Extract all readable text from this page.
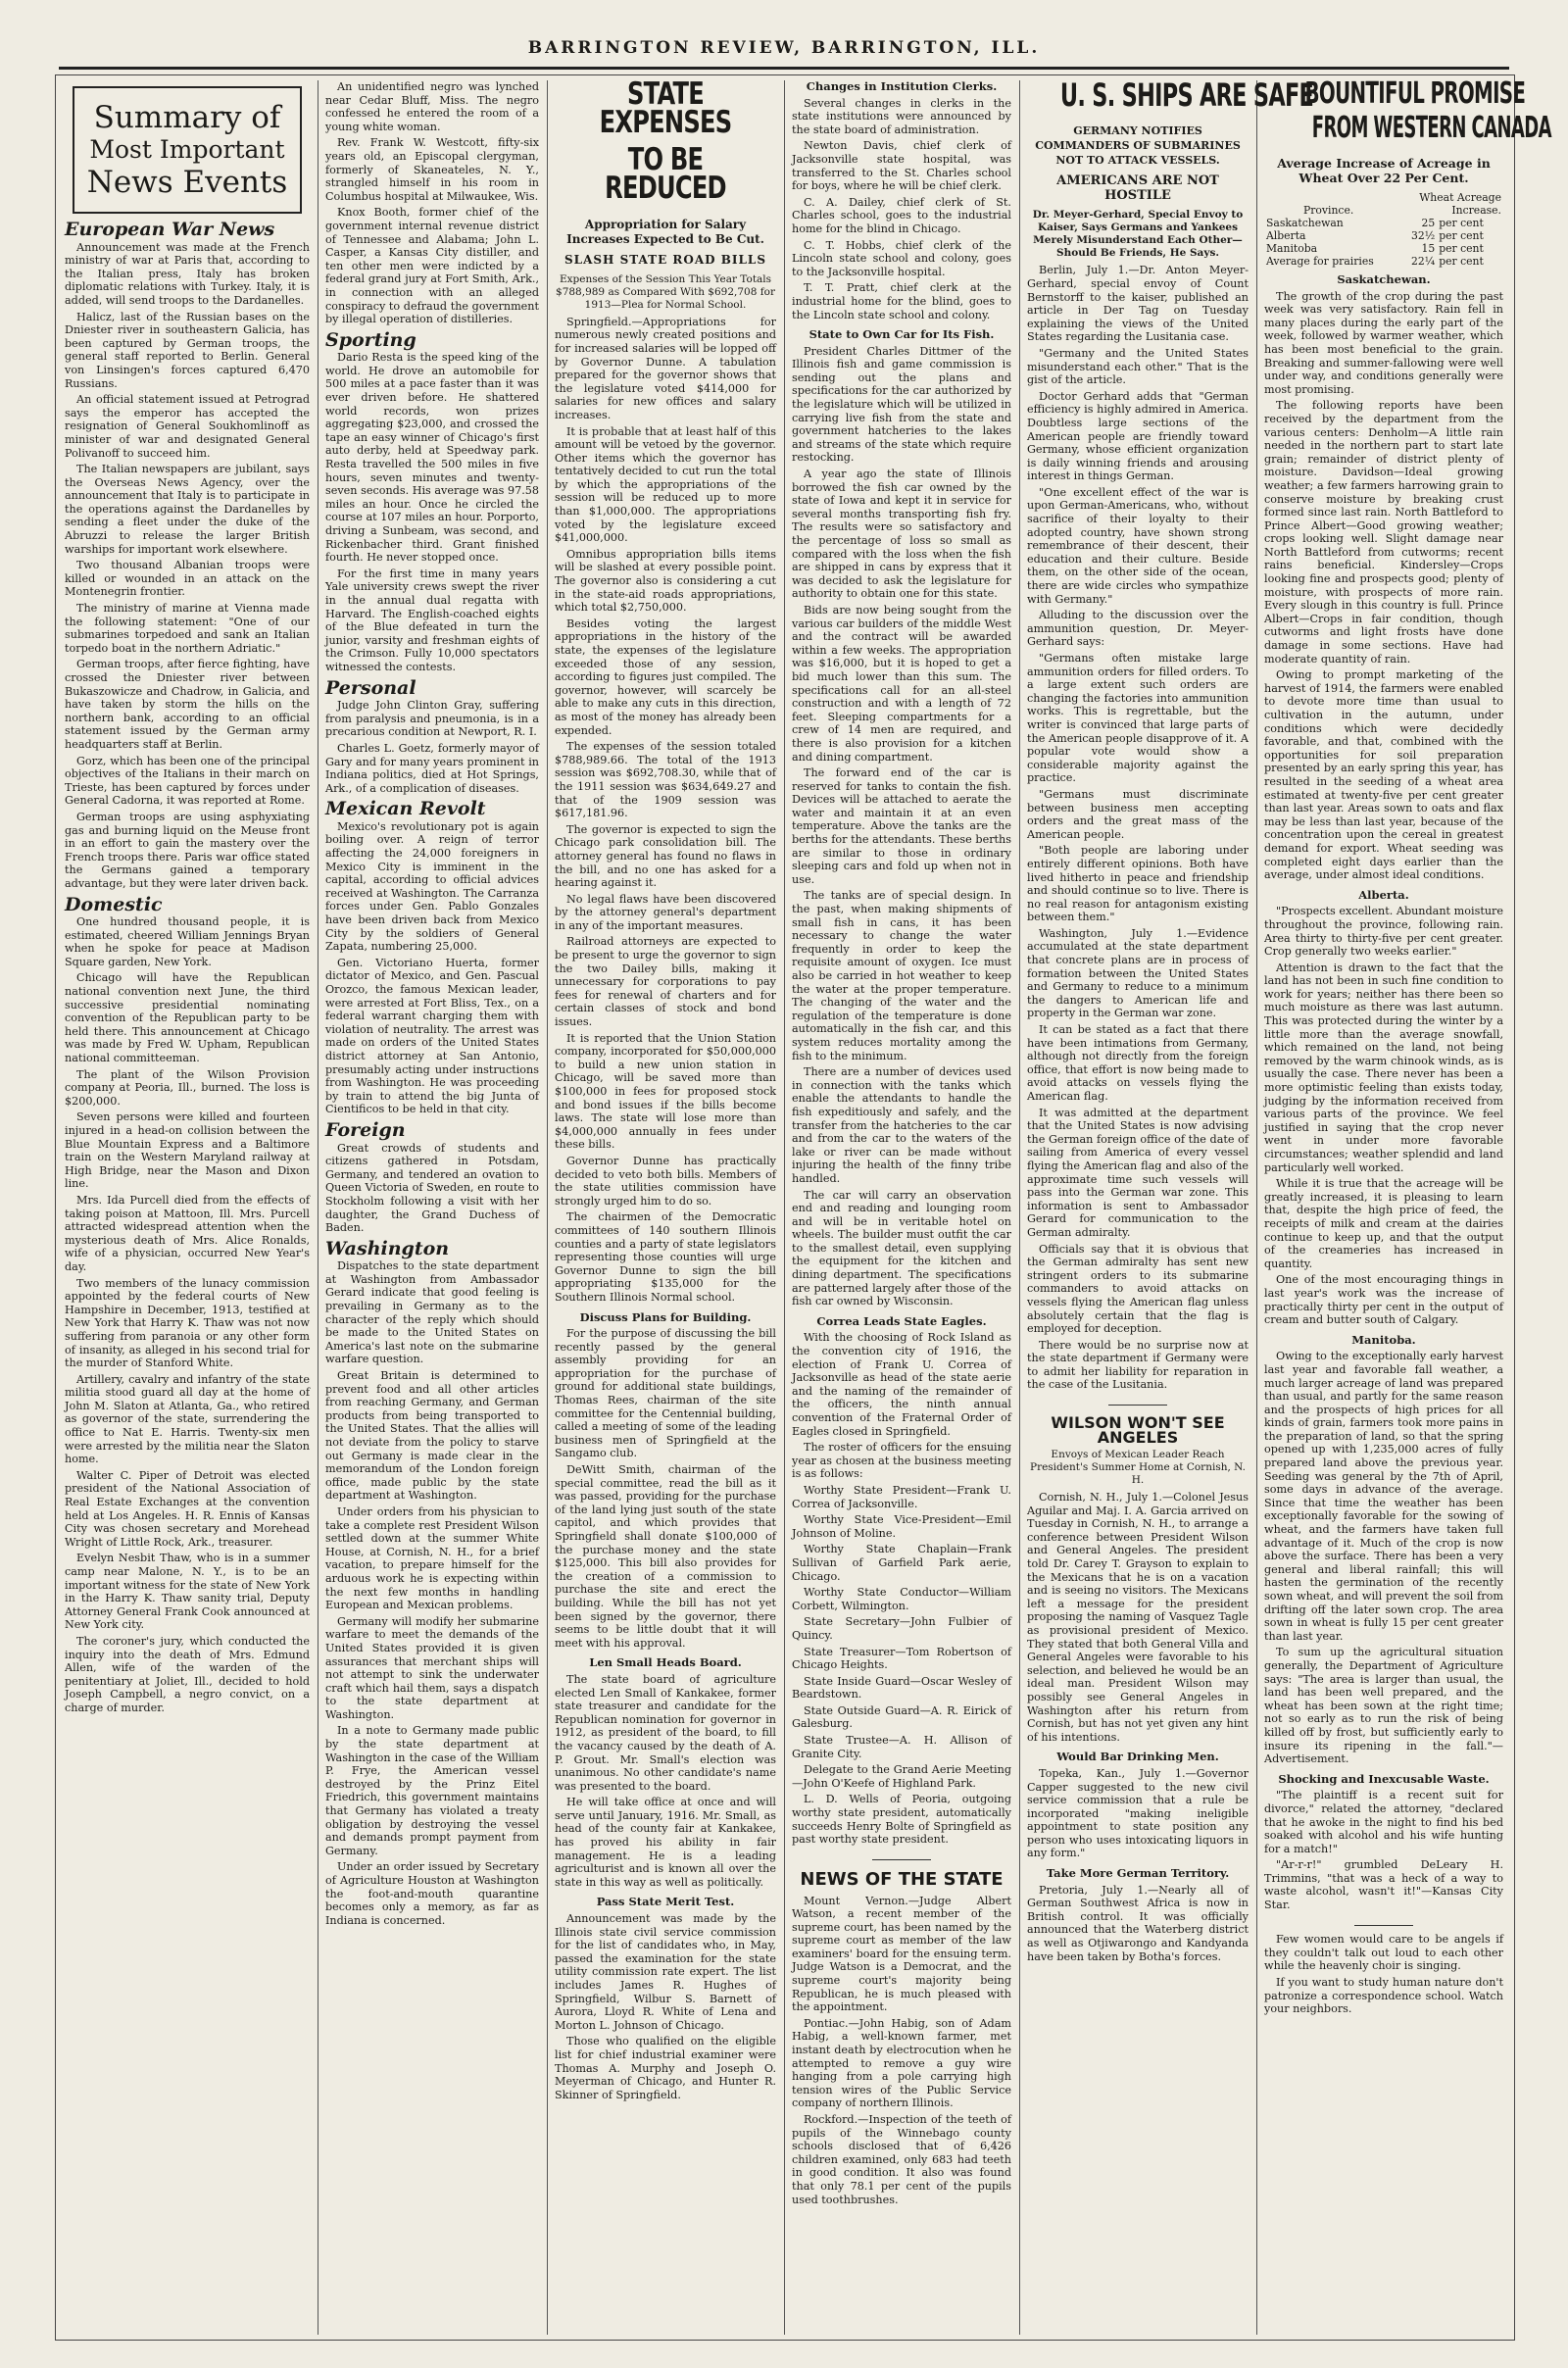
BARRINGTON REVIEW, BARRINGTON, ILL.
Summary of
Most Important
News Events
European War News

Announcement was made at the French ministry of war at Paris that, according to the Italian press, Italy has broken diplomatic relations with Turkey. Italy, it is added, will send troops to the Dardanelles.

Halicz, last of the Russian bases on the Dniester river in southeastern Galicia, has been captured by German troops, the general staff reported to Berlin. General von Linsingen's forces captured 6,470 Russians.

An official statement issued at Petrograd says the emperor has accepted the resignation of General Soukhomlinoff as minister of war and designated General Polivanoff to succeed him.

The Italian newspapers are jubilant, says the Overseas News Agency, over the announcement that Italy is to participate in the operations against the Dardanelles by sending a fleet under the duke of the Abruzzi to release the larger British warships for important work elsewhere.

Two thousand Albanian troops were killed or wounded in an attack on the Montenegrin frontier.

The ministry of marine at Vienna made the following statement: "One of our submarines torpedoed and sank an Italian torpedo boat in the northern Adriatic."

German troops, after fierce fighting, have crossed the Dniester river between Bukaszowicze and Chadrow, in Galicia, and have taken by storm the hills on the northern bank, according to an official statement issued by the German army headquarters staff at Berlin.

Gorz, which has been one of the principal objectives of the Italians in their march on Trieste, has been captured by forces under General Cadorna, it was reported at Rome.

German troops are using asphyxiating gas and burning liquid on the Meuse front in an effort to gain the mastery over the French troops there. Paris war office stated the Germans gained a temporary advantage, but they were later driven back.

Domestic

One hundred thousand people, it is estimated, cheered William Jennings Bryan when he spoke for peace at Madison Square garden, New York.

Chicago will have the Republican national convention next June, the third successive presidential nominating convention of the Republican party to be held there. This announcement at Chicago was made by Fred W. Upham, Republican national committeeman.

The plant of the Wilson Provision company at Peoria, Ill., burned. The loss is $200,000.

Seven persons were killed and fourteen injured in a head-on collision between the Blue Mountain Express and a Baltimore train on the Western Maryland railway at High Bridge, near the Mason and Dixon line.

Mrs. Ida Purcell died from the effects of taking poison at Mattoon, Ill. Mrs. Purcell attracted widespread attention when the mysterious death of Mrs. Alice Ronalds, wife of a physician, occurred New Year's day.

Two members of the lunacy commission appointed by the federal courts of New Hampshire in December, 1913, testified at New York that Harry K. Thaw was not now suffering from paranoia or any other form of insanity, as alleged in his second trial for the murder of Stanford White.

Artillery, cavalry and infantry of the state militia stood guard all day at the home of John M. Slaton at Atlanta, Ga., who retired as governor of the state, surrendering the office to Nat E. Harris. Twenty-six men were arrested by the militia near the Slaton home.

Walter C. Piper of Detroit was elected president of the National Association of Real Estate Exchanges at the convention held at Los Angeles. H. R. Ennis of Kansas City was chosen secretary and Morehead Wright of Little Rock, Ark., treasurer.

Evelyn Nesbit Thaw, who is in a summer camp near Malone, N. Y., is to be an important witness for the state of New York in the Harry K. Thaw sanity trial, Deputy Attorney General Frank Cook announced at New York city.

The coroner's jury, which conducted the inquiry into the death of Mrs. Edmund Allen, wife of the warden of the penitentiary at Joliet, Ill., decided to hold Joseph Campbell, a negro convict, on a charge of murder.

An unidentified negro was lynched near Cedar Bluff, Miss. The negro confessed he entered the room of a young white woman.

Rev. Frank W. Westcott, fifty-six years old, an Episcopal clergyman, formerly of Skaneateles, N. Y., strangled himself in his room in Columbus hospital at Milwaukee, Wis.

Knox Booth, former chief of the government internal revenue district of Tennessee and Alabama; John L. Casper, a Kansas City distiller, and ten other men were indicted by a federal grand jury at Fort Smith, Ark., in connection with an alleged conspiracy to defraud the government by illegal operation of distilleries.

Sporting

Dario Resta is the speed king of the world. He drove an automobile for 500 miles at a pace faster than it was ever driven before. He shattered world records, won prizes aggregating $23,000, and crossed the tape an easy winner of Chicago's first auto derby, held at Speedway park. Resta travelled the 500 miles in five hours, seven minutes and twenty-seven seconds. His average was 97.58 miles an hour. Once he circled the course at 107 miles an hour. Porporto, driving a Sunbeam, was second, and Rickenbacher third. Grant finished fourth. He never stopped once.

For the first time in many years Yale university crews swept the river in the annual dual regatta with Harvard. The English-coached eights of the Blue defeated in turn the junior, varsity and freshman eights of the Crimson. Fully 10,000 spectators witnessed the contests.

Personal

Judge John Clinton Gray, suffering from paralysis and pneumonia, is in a precarious condition at Newport, R. I.

Charles L. Goetz, formerly mayor of Gary and for many years prominent in Indiana politics, died at Hot Springs, Ark., of a complication of diseases.

Mexican Revolt

Mexico's revolutionary pot is again boiling over. A reign of terror affecting the 24,000 foreigners in Mexico City is imminent in the capital, according to official advices received at Washington. The Carranza forces under Gen. Pablo Gonzales have been driven back from Mexico City by the soldiers of General Zapata, numbering 25,000.

Gen. Victoriano Huerta, former dictator of Mexico, and Gen. Pascual Orozco, the famous Mexican leader, were arrested at Fort Bliss, Tex., on a federal warrant charging them with violation of neutrality. The arrest was made on orders of the United States district attorney at San Antonio, presumably acting under instructions from Washington. He was proceeding by train to attend the big Junta of Cientificos to be held in that city.

Foreign

Great crowds of students and citizens gathered in Potsdam, Germany, and tendered an ovation to Queen Victoria of Sweden, en route to Stockholm following a visit with her daughter, the Grand Duchess of Baden.

Washington

Dispatches to the state department at Washington from Ambassador Gerard indicate that good feeling is prevailing in Germany as to the character of the reply which should be made to the United States on America's last note on the submarine warfare question.

Great Britain is determined to prevent food and all other articles from reaching Germany, and German products from being transported to the United States. That the allies will not deviate from the policy to starve out Germany is made clear in the memorandum of the London foreign office, made public by the state department at Washington.

Under orders from his physician to take a complete rest President Wilson settled down at the summer White House, at Cornish, N. H., for a brief vacation, to prepare himself for the arduous work he is expecting within the next few months in handling European and Mexican problems.

Germany will modify her submarine warfare to meet the demands of the United States provided it is given assurances that merchant ships will not attempt to sink the underwater craft which hail them, says a dispatch to the state department at Washington.

In a note to Germany made public by the state department at Washington in the case of the William P. Frye, the American vessel destroyed by the Prinz Eitel Friedrich, this government maintains that Germany has violated a treaty obligation by destroying the vessel and demands prompt payment from Germany.

Under an order issued by Secretary of Agriculture Houston at Washington the foot-and-mouth quarantine becomes only a memory, as far as Indiana is concerned.

STATE EXPENSES
TO BE REDUCED
Appropriation for Salary Increases Expected to Be Cut.
SLASH STATE ROAD BILLS
Expenses of the Session This Year Totals $788,989 as Compared With $692,708 for 1913—Plea for Normal School.

Springfield.—Appropriations for numerous newly created positions and for increased salaries will be lopped off by Governor Dunne. A tabulation prepared for the governor shows that the legislature voted $414,000 for salaries for new offices and salary increases.

It is probable that at least half of this amount will be vetoed by the governor. Other items which the governor has tentatively decided to cut run the total by which the appropriations of the session will be reduced up to more than $1,000,000. The appropriations voted by the legislature exceed $41,000,000.

Omnibus appropriation bills items will be slashed at every possible point. The governor also is considering a cut in the state-aid roads appropriations, which total $2,750,000.

Besides voting the largest appropriations in the history of the state, the expenses of the legislature exceeded those of any session, according to figures just compiled. The governor, however, will scarcely be able to make any cuts in this direction, as most of the money has already been expended.

The expenses of the session totaled $788,989.66. The total of the 1913 session was $692,708.30, while that of the 1911 session was $634,649.27 and that of the 1909 session was $617,181.96.

The governor is expected to sign the Chicago park consolidation bill. The attorney general has found no flaws in the bill, and no one has asked for a hearing against it.

No legal flaws have been discovered by the attorney general's department in any of the important measures.

Railroad attorneys are expected to be present to urge the governor to sign the two Dailey bills, making it unnecessary for corporations to pay fees for renewal of charters and for certain classes of stock and bond issues.

It is reported that the Union Station company, incorporated for $50,000,000 to build a new union station in Chicago, will be saved more than $100,000 in fees for proposed stock and bond issues if the bills become laws. The state will lose more than $4,000,000 annually in fees under these bills.

Governor Dunne has practically decided to veto both bills. Members of the state utilities commission have strongly urged him to do so.

The chairmen of the Democratic committees of 140 southern Illinois counties and a party of state legislators representing those counties will urge Governor Dunne to sign the bill appropriating $135,000 for the Southern Illinois Normal school.

Discuss Plans for Building.

For the purpose of discussing the bill recently passed by the general assembly providing for an appropriation for the purchase of ground for additional state buildings, Thomas Rees, chairman of the site committee for the Centennial building, called a meeting of some of the leading business men of Springfield at the Sangamo club.

DeWitt Smith, chairman of the special committee, read the bill as it was passed, providing for the purchase of the land lying just south of the state capitol, and which provides that Springfield shall donate $100,000 of the purchase money and the state $125,000. This bill also provides for the creation of a commission to purchase the site and erect the building. While the bill has not yet been signed by the governor, there seems to be little doubt that it will meet with his approval.

Len Small Heads Board.

The state board of agriculture elected Len Small of Kankakee, former state treasurer and candidate for the Republican nomination for governor in 1912, as president of the board, to fill the vacancy caused by the death of A. P. Grout. Mr. Small's election was unanimous. No other candidate's name was presented to the board.

He will take office at once and will serve until January, 1916. Mr. Small, as head of the county fair at Kankakee, has proved his ability in fair management. He is a leading agriculturist and is known all over the state in this way as well as politically.

Pass State Merit Test.

Announcement was made by the Illinois state civil service commission for the list of candidates who, in May, passed the examination for the state utility commission rate expert. The list includes James R. Hughes of Springfield, Wilbur S. Barnett of Aurora, Lloyd R. White of Lena and Morton L. Johnson of Chicago.

Those who qualified on the eligible list for chief industrial examiner were Thomas A. Murphy and Joseph O. Meyerman of Chicago, and Hunter R. Skinner of Springfield.

Changes in Institution Clerks.

Several changes in clerks in the state institutions were announced by the state board of administration.

Newton Davis, chief clerk of Jacksonville state hospital, was transferred to the St. Charles school for boys, where he will be chief clerk.

C. A. Dailey, chief clerk of St. Charles school, goes to the industrial home for the blind in Chicago.

C. T. Hobbs, chief clerk of the Lincoln state school and colony, goes to the Jacksonville hospital.

T. T. Pratt, chief clerk at the industrial home for the blind, goes to the Lincoln state school and colony.

State to Own Car for Its Fish.

President Charles Dittmer of the Illinois fish and game commission is sending out the plans and specifications for the car authorized by the legislature which will be utilized in carrying live fish from the state and government hatcheries to the lakes and streams of the state which require restocking.

A year ago the state of Illinois borrowed the fish car owned by the state of Iowa and kept it in service for several months transporting fish fry. The results were so satisfactory and the percentage of loss so small as compared with the loss when the fish are shipped in cans by express that it was decided to ask the legislature for authority to obtain one for this state.

Bids are now being sought from the various car builders of the middle West and the contract will be awarded within a few weeks. The appropriation was $16,000, but it is hoped to get a bid much lower than this sum. The specifications call for an all-steel construction and with a length of 72 feet. Sleeping compartments for a crew of 14 men are required, and there is also provision for a kitchen and dining compartment.

The forward end of the car is reserved for tanks to contain the fish. Devices will be attached to aerate the water and maintain it at an even temperature. Above the tanks are the berths for the attendants. These berths are similar to those in ordinary sleeping cars and fold up when not in use.

The tanks are of special design. In the past, when making shipments of small fish in cans, it has been necessary to change the water frequently in order to keep the requisite amount of oxygen. Ice must also be carried in hot weather to keep the water at the proper temperature. The changing of the water and the regulation of the temperature is done automatically in the fish car, and this system reduces mortality among the fish to the minimum.

There are a number of devices used in connection with the tanks which enable the attendants to handle the fish expeditiously and safely, and the transfer from the hatcheries to the car and from the car to the waters of the lake or river can be made without injuring the health of the finny tribe handled.

The car will carry an observation end and reading and lounging room and will be in veritable hotel on wheels. The builder must outfit the car to the smallest detail, even supplying the equipment for the kitchen and dining department. The specifications are patterned largely after those of the fish car owned by Wisconsin.

Correa Leads State Eagles.

With the choosing of Rock Island as the convention city of 1916, the election of Frank U. Correa of Jacksonville as head of the state aerie and the naming of the remainder of the officers, the ninth annual convention of the Fraternal Order of Eagles closed in Springfield.

The roster of officers for the ensuing year as chosen at the business meeting is as follows:

Worthy State President—Frank U. Correa of Jacksonville.

Worthy State Vice-President—Emil Johnson of Moline.

Worthy State Chaplain—Frank Sullivan of Garfield Park aerie, Chicago.

Worthy State Conductor—William Corbett, Wilmington.

State Secretary—John Fulbier of Quincy.

State Treasurer—Tom Robertson of Chicago Heights.

State Inside Guard—Oscar Wesley of Beardstown.

State Outside Guard—A. R. Eirick of Galesburg.

State Trustee—A. H. Allison of Granite City.

Delegate to the Grand Aerie Meeting—John O'Keefe of Highland Park.

L. D. Wells of Peoria, outgoing worthy state president, automatically succeeds Henry Bolte of Springfield as past worthy state president.

NEWS OF THE STATE

Mount Vernon.—Judge Albert Watson, a recent member of the supreme court, has been named by the supreme court as member of the law examiners' board for the ensuing term. Judge Watson is a Democrat, and the supreme court's majority being Republican, he is much pleased with the appointment.

Pontiac.—John Habig, son of Adam Habig, a well-known farmer, met instant death by electrocution when he attempted to remove a guy wire hanging from a pole carrying high tension wires of the Public Service company of northern Illinois.

Rockford.—Inspection of the teeth of pupils of the Winnebago county schools disclosed that of 6,426 children examined, only 683 had teeth in good condition. It also was found that only 78.1 per cent of the pupils used toothbrushes.

U. S. SHIPS ARE SAFE
GERMANY NOTIFIES COMMANDERS OF SUBMARINES NOT TO ATTACK VESSELS.
AMERICANS ARE NOT HOSTILE
Dr. Meyer-Gerhard, Special Envoy to Kaiser, Says Germans and Yankees Merely Misunderstand Each Other—Should Be Friends, He Says.

Berlin, July 1.—Dr. Anton Meyer-Gerhard, special envoy of Count Bernstorff to the kaiser, published an article in Der Tag on Tuesday explaining the views of the United States regarding the Lusitania case.

"Germany and the United States misunderstand each other." That is the gist of the article.

Doctor Gerhard adds that "German efficiency is highly admired in America. Doubtless large sections of the American people are friendly toward Germany, whose efficient organization is daily winning friends and arousing interest in things German.

"One excellent effect of the war is upon German-Americans, who, without sacrifice of their loyalty to their adopted country, have shown strong remembrance of their descent, their education and their culture. Beside them, on the other side of the ocean, there are wide circles who sympathize with Germany."

Alluding to the discussion over the ammunition question, Dr. Meyer-Gerhard says:

"Germans often mistake large ammunition orders for filled orders. To a large extent such orders are changing the factories into ammunition works. This is regrettable, but the writer is convinced that large parts of the American people disapprove of it. A popular vote would show a considerable majority against the practice.

"Germans must discriminate between business men accepting orders and the great mass of the American people.

"Both people are laboring under entirely different opinions. Both have lived hitherto in peace and friendship and should continue so to live. There is no real reason for antagonism existing between them."

Washington, July 1.—Evidence accumulated at the state department that concrete plans are in process of formation between the United States and Germany to reduce to a minimum the dangers to American life and property in the German war zone.

It can be stated as a fact that there have been intimations from Germany, although not directly from the foreign office, that effort is now being made to avoid attacks on vessels flying the American flag.

It was admitted at the department that the United States is now advising the German foreign office of the date of sailing from America of every vessel flying the American flag and also of the approximate time such vessels will pass into the German war zone. This information is sent to Ambassador Gerard for communication to the German admiralty.

Officials say that it is obvious that the German admiralty has sent new stringent orders to its submarine commanders to avoid attacks on vessels flying the American flag unless absolutely certain that the flag is employed for deception.

There would be no surprise now at the state department if Germany were to admit her liability for reparation in the case of the Lusitania.

WILSON WON'T SEE ANGELES
Envoys of Mexican Leader Reach President's Summer Home at Cornish, N. H.

Cornish, N. H., July 1.—Colonel Jesus Aguilar and Maj. I. A. Garcia arrived on Tuesday in Cornish, N. H., to arrange a conference between President Wilson and General Angeles. The president told Dr. Carey T. Grayson to explain to the Mexicans that he is on a vacation and is seeing no visitors. The Mexicans left a message for the president proposing the naming of Vasquez Tagle as provisional president of Mexico. They stated that both General Villa and General Angeles were favorable to his selection, and believed he would be an ideal man. President Wilson may possibly see General Angeles in Washington after his return from Cornish, but has not yet given any hint of his intentions.

Would Bar Drinking Men.

Topeka, Kan., July 1.—Governor Capper suggested to the new civil service commission that a rule be incorporated "making ineligible appointment to state position any person who uses intoxicating liquors in any form."

Take More German Territory.

Pretoria, July 1.—Nearly all of German Southwest Africa is now in British control. It was officially announced that the Waterberg district as well as Otjiwarongo and Kandyanda have been taken by Botha's forces.

BOUNTIFUL PROMISE
FROM WESTERN CANADA
Average Increase of Acreage in Wheat Over 22 Per Cent.
	Wheat Acreage	
Province.	Increase.	
Saskatchewan	25	per cent
Alberta	32½	per cent
Manitoba	15	per cent
Average for prairies	22¼	per cent
Saskatchewan.

The growth of the crop during the past week was very satisfactory. Rain fell in many places during the early part of the week, followed by warmer weather, which has been most beneficial to the grain. Breaking and summer-fallowing were well under way, and conditions generally were most promising.

The following reports have been received by the department from the various centers: Denholm—A little rain needed in the northern part to start late grain; remainder of district plenty of moisture. Davidson—Ideal growing weather; a few farmers harrowing grain to conserve moisture by breaking crust formed since last rain. North Battleford to Prince Albert—Good growing weather; crops looking well. Slight damage near North Battleford from cutworms; recent rains beneficial. Kindersley—Crops looking fine and prospects good; plenty of moisture, with prospects of more rain. Every slough in this country is full. Prince Albert—Crops in fair condition, though cutworms and light frosts have done damage in some sections. Have had moderate quantity of rain.

Owing to prompt marketing of the harvest of 1914, the farmers were enabled to devote more time than usual to cultivation in the autumn, under conditions which were decidedly favorable, and that, combined with the opportunities for soil preparation presented by an early spring this year, has resulted in the seeding of a wheat area estimated at twenty-five per cent greater than last year. Areas sown to oats and flax may be less than last year, because of the concentration upon the cereal in greatest demand for export. Wheat seeding was completed eight days earlier than the average, under almost ideal conditions.

Alberta.

"Prospects excellent. Abundant moisture throughout the province, following rain. Area thirty to thirty-five per cent greater. Crop generally two weeks earlier."

Attention is drawn to the fact that the land has not been in such fine condition to work for years; neither has there been so much moisture as there was last autumn. This was protected during the winter by a little more than the average snowfall, which remained on the land, not being removed by the warm chinook winds, as is usually the case. There never has been a more optimistic feeling than exists today, judging by the information received from various parts of the province. We feel justified in saying that the crop never went in under more favorable circumstances; weather splendid and land particularly well worked.

While it is true that the acreage will be greatly increased, it is pleasing to learn that, despite the high price of feed, the receipts of milk and cream at the dairies continue to keep up, and that the output of the creameries has increased in quantity.

One of the most encouraging things in last year's work was the increase of practically thirty per cent in the output of cream and butter south of Calgary.

Manitoba.

Owing to the exceptionally early harvest last year and favorable fall weather, a much larger acreage of land was prepared than usual, and partly for the same reason and the prospects of high prices for all kinds of grain, farmers took more pains in the preparation of land, so that the spring opened up with 1,235,000 acres of fully prepared land above the previous year. Seeding was general by the 7th of April, some days in advance of the average. Since that time the weather has been exceptionally favorable for the sowing of wheat, and the farmers have taken full advantage of it. Much of the crop is now above the surface. There has been a very general and liberal rainfall; this will hasten the germination of the recently sown wheat, and will prevent the soil from drifting off the later sown crop. The area sown in wheat is fully 15 per cent greater than last year.

To sum up the agricultural situation generally, the Department of Agriculture says: "The area is larger than usual, the land has been well prepared, and the wheat has been sown at the right time; not so early as to run the risk of being killed off by frost, but sufficiently early to insure its ripening in the fall."—Advertisement.

Shocking and Inexcusable Waste.

"The plaintiff is a recent suit for divorce," related the attorney, "declared that he awoke in the night to find his bed soaked with alcohol and his wife hunting for a match!"

"Ar-r-r!" grumbled DeLeary H. Trimmins, "that was a heck of a way to waste alcohol, wasn't it!"—Kansas City Star.

Few women would care to be angels if they couldn't talk out loud to each other while the heavenly choir is singing.

If you want to study human nature don't patronize a correspondence school. Watch your neighbors.
